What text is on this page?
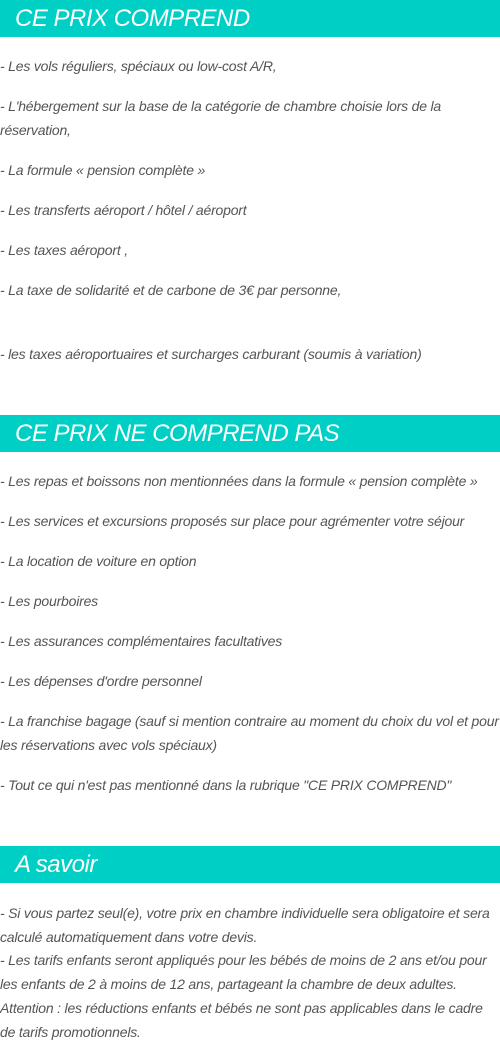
CE PRIX COMPREND

- Les vols réguliers, spéciaux ou low-cost A/R,

- L'hébergement sur la base de la catégorie de chambre choisie lors de la réservation,

- La formule « pension complète »

- Les transferts aéroport / hôtel / aéroport

- Les taxes aéroport ,

- La taxe de solidarité et de carbone de 3€ par personne,

- les taxes aéroportuaires et surcharges carburant (soumis à variation)

CE PRIX NE COMPREND PAS

- Les repas et boissons non mentionnées dans la formule « pension complète »

- Les services et excursions proposés sur place pour agrémenter votre séjour

- La location de voiture en option

- Les pourboires

- Les assurances complémentaires facultatives

- Les dépenses d'ordre personnel

- La franchise bagage (sauf si mention contraire au moment du choix du vol et pour les réservations avec vols spéciaux)

- Tout ce qui n'est pas mentionné dans la rubrique "CE PRIX COMPREND"

A savoir

- Si vous partez seul(e), votre prix en chambre individuelle sera obligatoire et sera calculé automatiquement dans votre devis.

- Les tarifs enfants seront appliqués pour les bébés de moins de 2 ans et/ou pour les enfants de 2 à moins de 12 ans, partageant la chambre de deux adultes.

Attention : les réductions enfants et bébés ne sont pas applicables dans le cadre de tarifs promotionnels.
